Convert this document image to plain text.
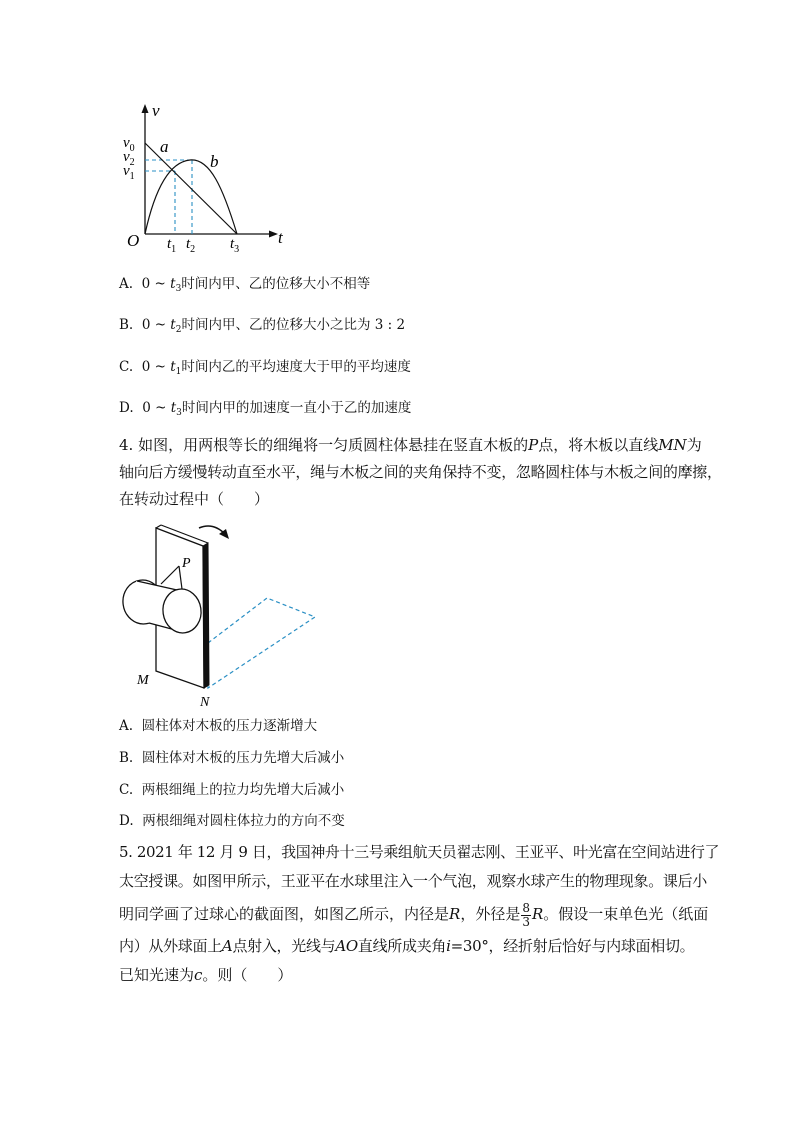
v
t
O
$v_0$
$v_2$
$v_1$
a
b
$t_1$ $t_2$ $t_3$
A. 0 ~ $t_3$时间内甲、乙的位移大小不相等
B. 0 ~ $t_2$时间内甲、乙的位移大小之比为 3 : 2
C. 0 ~ $t_1$时间内乙的平均速度大于甲的平均速度
D. 0 ~ $t_3$时间内甲的加速度一直小于乙的加速度
4. 如图，用两根等长的细绳将一匀质圆柱体悬挂在竖直木板的P点，将木板以直线MN为
轴向后方缓慢转动直至水平，绳与木板之间的夹角保持不变，忽略圆柱体与木板之间的摩擦，
在转动过程中（　　）
P
M
N
A. 圆柱体对木板的压力逐渐增大
B. 圆柱体对木板的压力先增大后减小
C. 两根细绳上的拉力均先增大后减小
D. 两根细绳对圆柱体拉力的方向不变
5. 2021 年 12 月 9 日，我国神舟十三号乘组航天员翟志刚、王亚平、叶光富在空间站进行了
太空授课。如图甲所示，王亚平在水球里注入一个气泡，观察水球产生的物理现象。课后小
明同学画了过球心的截面图，如图乙所示，内径是R，外径是 $\frac{8}{3}$ R。假设一束单色光（纸面
内）从外球面上A点射入，光线与AO直线所成夹角i=30°，经折射后恰好与内球面相切。
已知光速为c。则（　　）
